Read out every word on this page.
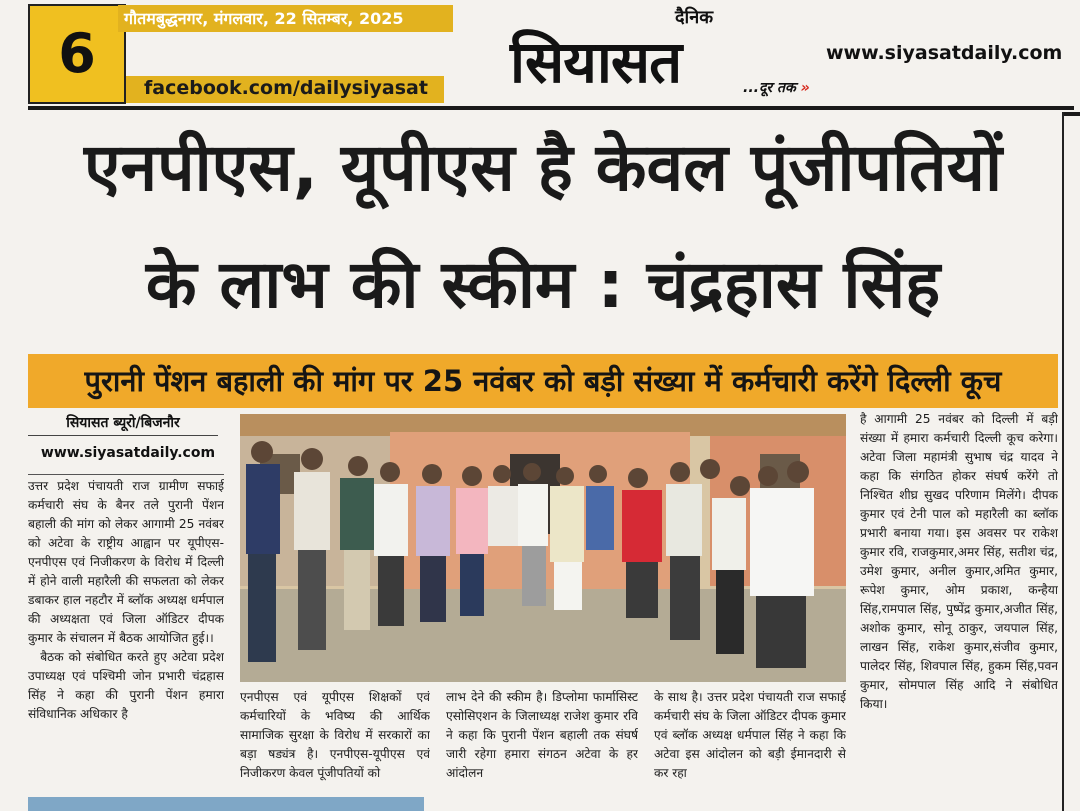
6
गौतमबुद्धनगर, मंगलवार, 22 सितम्बर, 2025
facebook.com/dailysiyasat
दैनिक
सियासत	...दूर तक »
www.siyasatdaily.com
एनपीएस, यूपीएस है केवल पूंजीपतियों
के लाभ की स्कीम : चंद्रहास सिंह
पुरानी पेंशन बहाली की मांग पर 25 नवंबर को बड़ी संख्या में कर्मचारी करेंगे दिल्ली कूच
सियासत ब्यूरो/बिजनौर
www.siyasatdaily.com

उत्तर प्रदेश पंचायती राज ग्रामीण सफाई कर्मचारी संघ के बैनर तले पुरानी पेंशन बहाली की मांग को लेकर आगामी 25 नवंबर को अटेवा के राष्ट्रीय आह्वान पर यूपीएस-एनपीएस एवं निजीकरण के विरोध में दिल्ली में होने वाली महारैली की सफलता को लेकर डबाकर हाल नहटौर में ब्लॉक अध्यक्ष धर्मपाल की अध्यक्षता एवं जिला ऑडिटर दीपक कुमार के संचालन में बैठक आयोजित हुई।।

बैठक को संबोधित करते हुए अटेवा प्रदेश उपाध्यक्ष एवं पश्चिमी जोन प्रभारी चंद्रहास सिंह ने कहा की पुरानी पेंशन हमारा संविधानिक अधिकार है

एनपीएस एवं यूपीएस शिक्षकों एवं कर्मचारियों के भविष्य की आर्थिक सामाजिक सुरक्षा के विरोध में सरकारों का बड़ा षड्यंत्र है। एनपीएस-यूपीएस एवं निजीकरण केवल पूंजीपतियों को
लाभ देने की स्कीम है। डिप्लोमा फार्मासिस्ट एसोसिएशन के जिलाध्यक्ष राजेश कुमार रवि ने कहा कि पुरानी पेंशन बहाली तक संघर्ष जारी रहेगा हमारा संगठन अटेवा के हर आंदोलन
के साथ है। उत्तर प्रदेश पंचायती राज सफाई कर्मचारी संघ के जिला ऑडिटर दीपक कुमार एवं ब्लॉक अध्यक्ष धर्मपाल सिंह ने कहा कि अटेवा इस आंदोलन को बड़ी ईमानदारी से कर रहा
है आगामी 25 नवंबर को दिल्ली में बड़ी संख्या में हमारा कर्मचारी दिल्ली कूच करेगा। अटेवा जिला महामंत्री सुभाष चंद्र यादव ने कहा कि संगठित होकर संघर्ष करेंगे तो निश्चित शीघ्र सुखद परिणाम मिलेंगे। दीपक कुमार एवं टेनी पाल को महारैली का ब्लॉक प्रभारी बनाया गया। इस अवसर पर राकेश कुमार रवि, राजकुमार,अमर सिंह, सतीश चंद्र, उमेश कुमार, अनील कुमार,अमित कुमार, रूपेश कुमार, ओम प्रकाश, कन्हैया सिंह,रामपाल सिंह, पुष्पेंद्र कुमार,अजीत सिंह, अशोक कुमार, सोनू ठाकुर, जयपाल सिंह, लाखन सिंह, राकेश कुमार,संजीव कुमार, पालेदर सिंह, शिवपाल सिंह, हुकम सिंह,पवन कुमार, सोमपाल सिंह आदि ने संबोधित किया।
